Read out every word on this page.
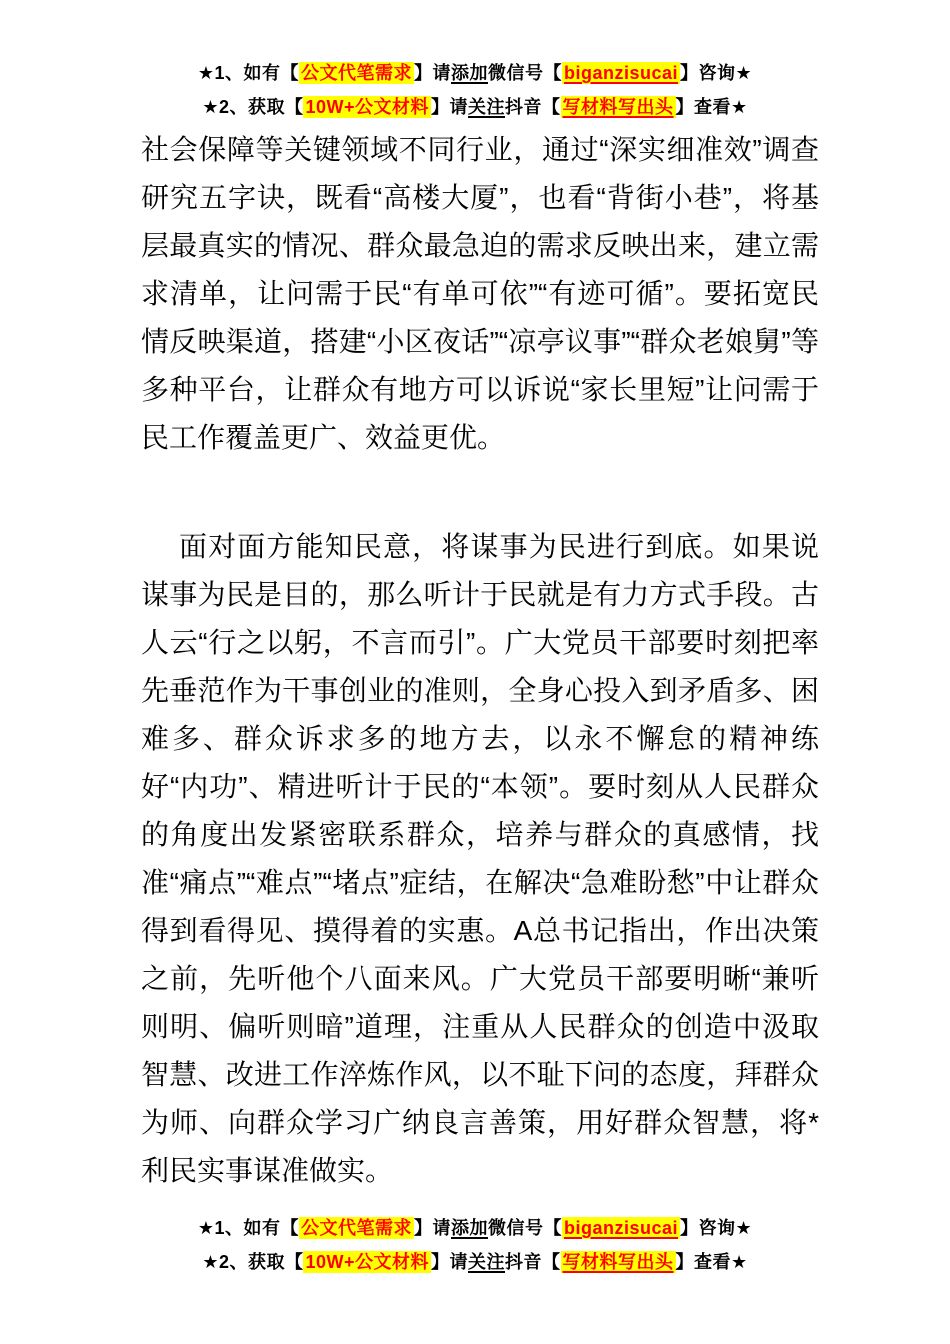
★1、如有【 公文代笔需求 】请添加微信号【 biganzisucai 】咨询★
★2、获取【 10W+公文材料 】请关注抖音【 写材料写出头 】查看★

社会保障等关键领域不同行业，通过“深实细准效”调查研究五字诀，既看“高楼大厦”，也看“背街小巷”，将基层最真实的情况、群众最急迫的需求反映出来，建立需求清单，让问需于民“有单可依”“有迹可循”。要拓宽民情反映渠道，搭建“小区夜话”“凉亭议事”“群众老娘舅”等多种平台，让群众有地方可以诉说“家长里短”让问需于民工作覆盖更广、效益更优。

面对面方能知民意，将谋事为民进行到底。如果说谋事为民是目的，那么听计于民就是有力方式手段。古人云“行之以躬，不言而引”。广大党员干部要时刻把率先垂范作为干事创业的准则，全身心投入到矛盾多、困难多、群众诉求多的地方去，以永不懈怠的精神练好“内功”、精进听计于民的“本领”。要时刻从人民群众的角度出发紧密联系群众，培养与群众的真感情，找准“痛点”“难点”“堵点”症结，在解决“急难盼愁”中让群众得到看得见、摸得着的实惠。A总书记指出，作出决策之前，先听他个八面来风。广大党员干部要明晰“兼听则明、偏听则暗”道理，注重从人民群众的创造中汲取智慧、改进工作淬炼作风，以不耻下问的态度，拜群众为师、向群众学习广纳良言善策，用好群众智慧，将*利民实事谋准做实。

★1、如有【 公文代笔需求 】请添加微信号【 biganzisucai 】咨询★
★2、获取【 10W+公文材料 】请关注抖音【 写材料写出头 】查看★
